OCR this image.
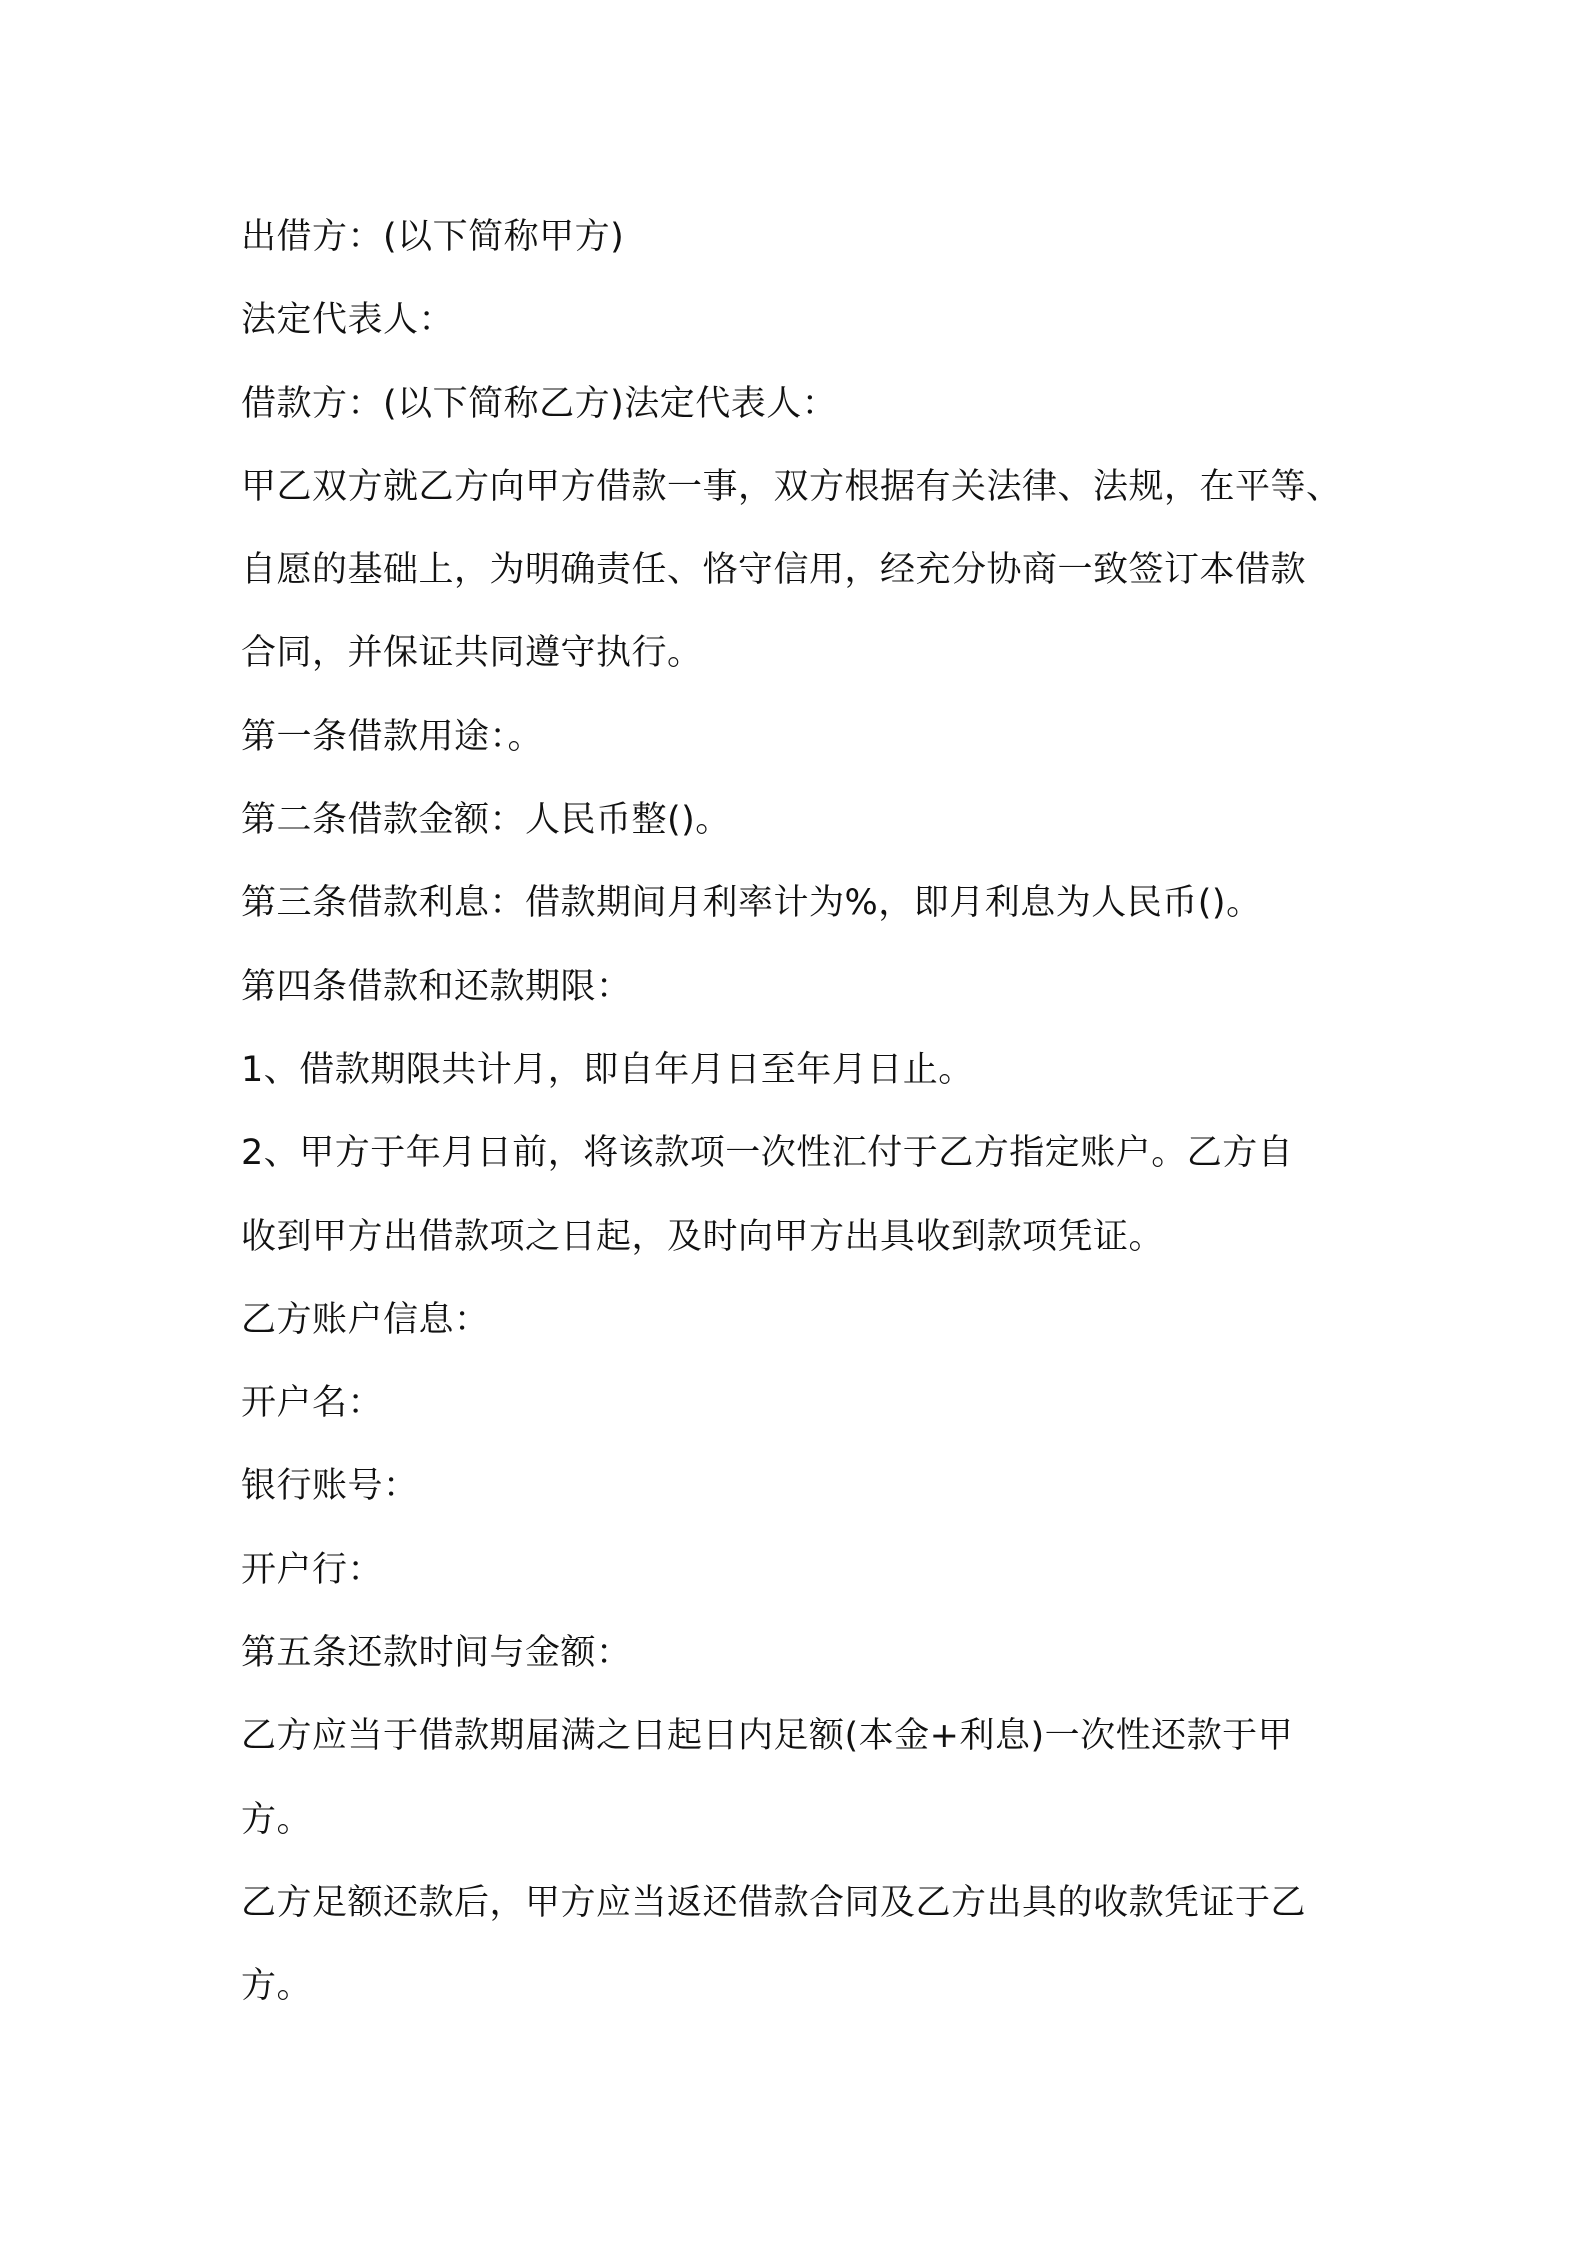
出借方：(以下简称甲方)

法定代表人：

借款方：(以下简称乙方)法定代表人：

甲乙双方就乙方向甲方借款一事，双方根据有关法律、法规，在平等、

自愿的基础上，为明确责任、恪守信用，经充分协商一致签订本借款

合同，并保证共同遵守执行。

第一条借款用途：。

第二条借款金额：人民币整()。

第三条借款利息：借款期间月利率计为%，即月利息为人民币()。

第四条借款和还款期限：

1、借款期限共计月，即自年月日至年月日止。

2、甲方于年月日前，将该款项一次性汇付于乙方指定账户。乙方自

收到甲方出借款项之日起，及时向甲方出具收到款项凭证。

乙方账户信息：

开户名：

银行账号：

开户行：

第五条还款时间与金额：

乙方应当于借款期届满之日起日内足额(本金+利息)一次性还款于甲

方。

乙方足额还款后，甲方应当返还借款合同及乙方出具的收款凭证于乙

方。
